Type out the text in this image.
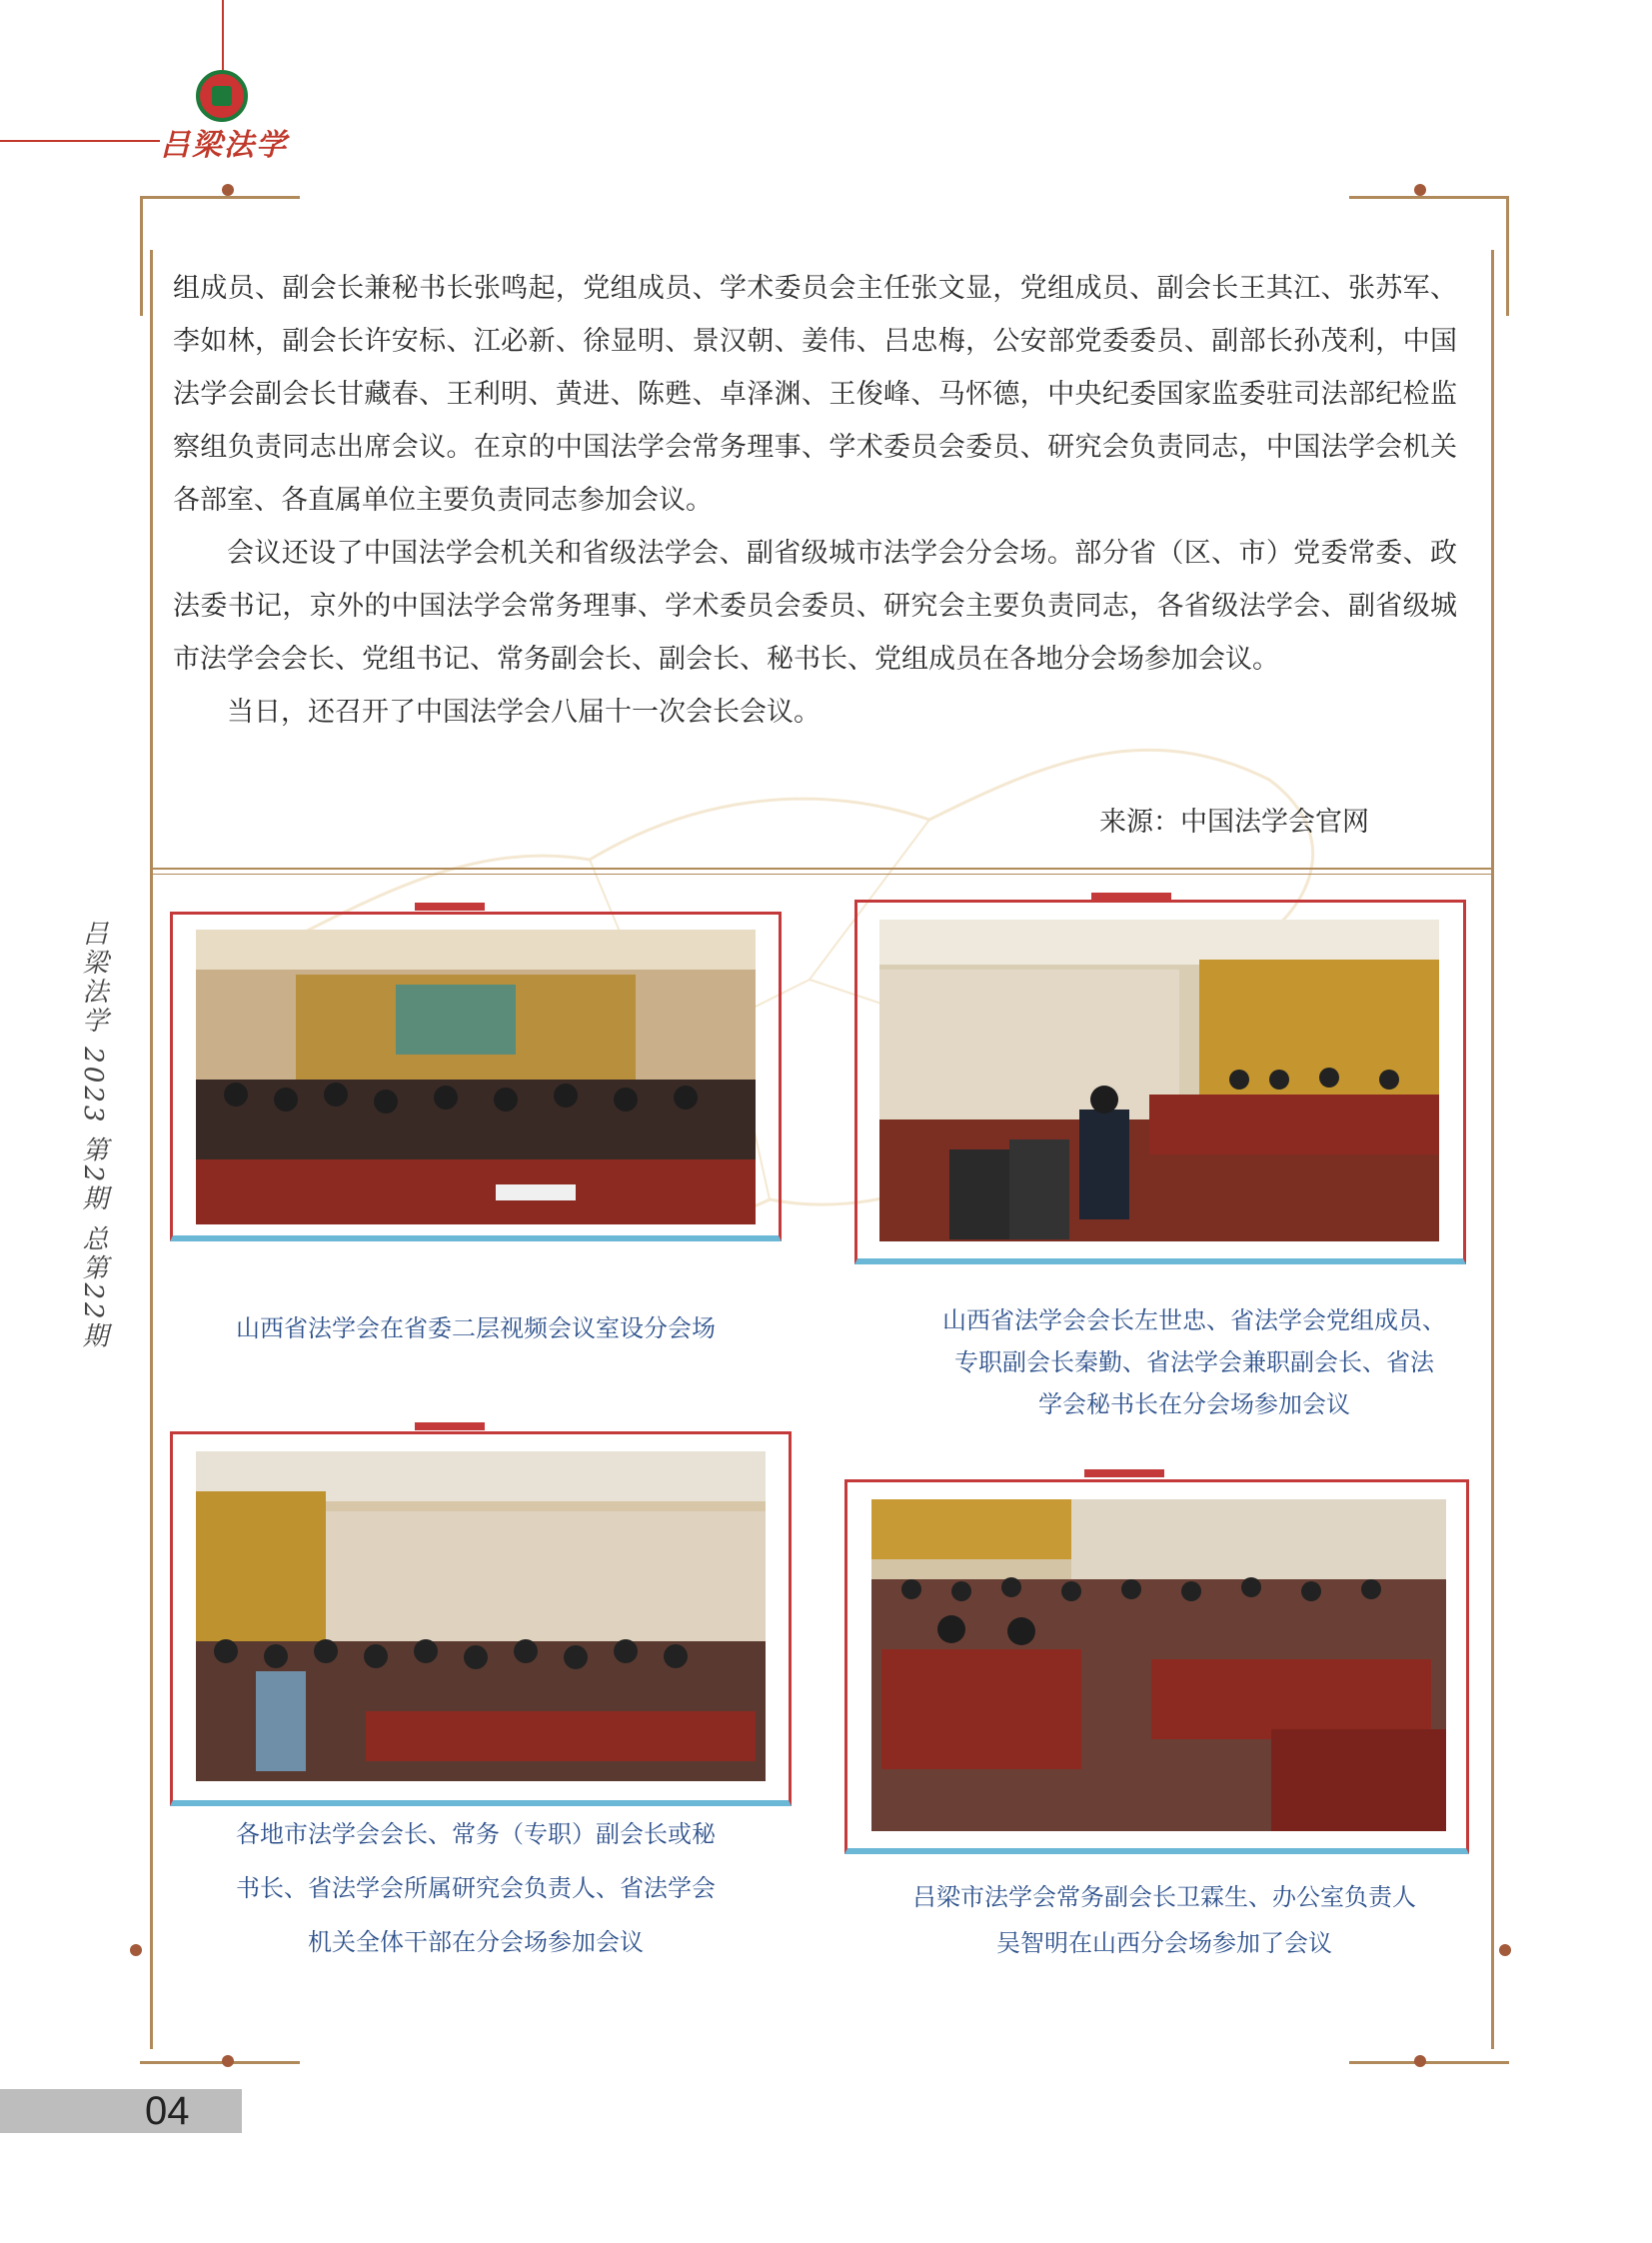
吕梁法学

组成员、副会长兼秘书长张鸣起，党组成员、学术委员会主任张文显，党组成员、副会长王其江、张苏军、李如林，副会长许安标、江必新、徐显明、景汉朝、姜伟、吕忠梅，公安部党委委员、副部长孙茂利，中国法学会副会长甘藏春、王利明、黄进、陈甦、卓泽渊、王俊峰、马怀德，中央纪委国家监委驻司法部纪检监察组负责同志出席会议。在京的中国法学会常务理事、学术委员会委员、研究会负责同志，中国法学会机关各部室、各直属单位主要负责同志参加会议。

会议还设了中国法学会机关和省级法学会、副省级城市法学会分会场。部分省（区、市）党委常委、政法委书记，京外的中国法学会常务理事、学术委员会委员、研究会主要负责同志，各省级法学会、副省级城市法学会会长、党组书记、常务副会长、副会长、秘书长、党组成员在各地分会场参加会议。

当日，还召开了中国法学会八届十一次会长会议。

来源：中国法学会官网
吕梁法学 2023 第2期 总第22期	山西省法学会在省委二层视频会议室设分会场	山西省法学会会长左世忠、省法学会党组成员、
专职副会长秦勤、省法学会兼职副会长、省法
学会秘书长在分会场参加会议
各地市法学会会长、常务（专职）副会长或秘
书长、省法学会所属研究会负责人、省法学会
机关全体干部在分会场参加会议
吕梁市法学会常务副会长卫霖生、办公室负责人
吴智明在山西分会场参加了会议
04
